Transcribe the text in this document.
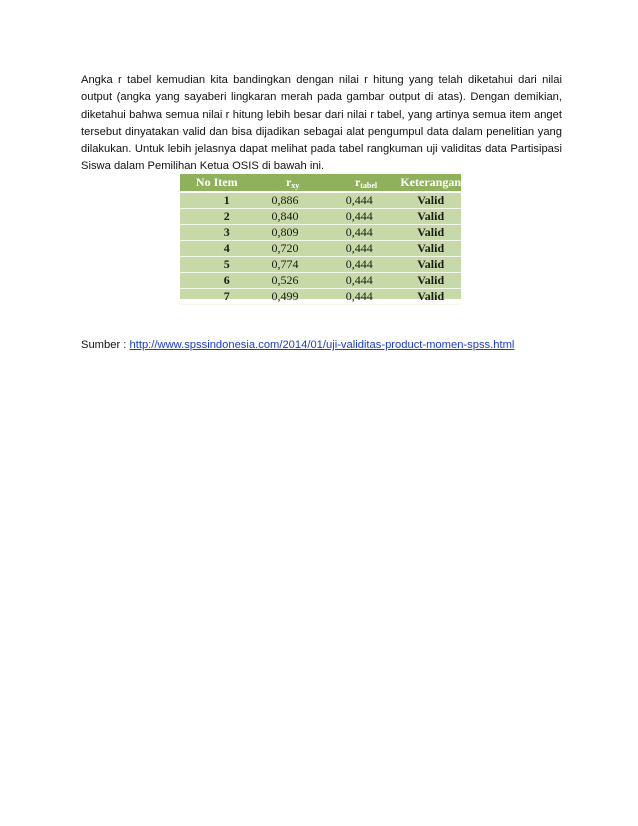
Angka r tabel kemudian kita bandingkan dengan nilai r hitung yang telah diketahui dari nilai output (angka yang sayaberi lingkaran merah pada gambar output di atas). Dengan demikian, diketahui bahwa semua nilai r hitung lebih besar dari nilai r tabel, yang artinya semua item anget tersebut dinyatakan valid dan bisa dijadikan sebagai alat pengumpul data dalam penelitian yang dilakukan. Untuk lebih jelasnya dapat melihat pada tabel rangkuman uji validitas data Partisipasi Siswa dalam Pemilihan Ketua OSIS di bawah ini.

No Item	$r_{xy}$	$r_{tabel}$	Keterangan
1	0,886	0,444	Valid
2	0,840	0,444	Valid
3	0,809	0,444	Valid
4	0,720	0,444	Valid
5	0,774	0,444	Valid
6	0,526	0,444	Valid
7	0,499	0,444	Valid

Sumber : http://www.spssindonesia.com/2014/01/uji-validitas-product-momen-spss.html
